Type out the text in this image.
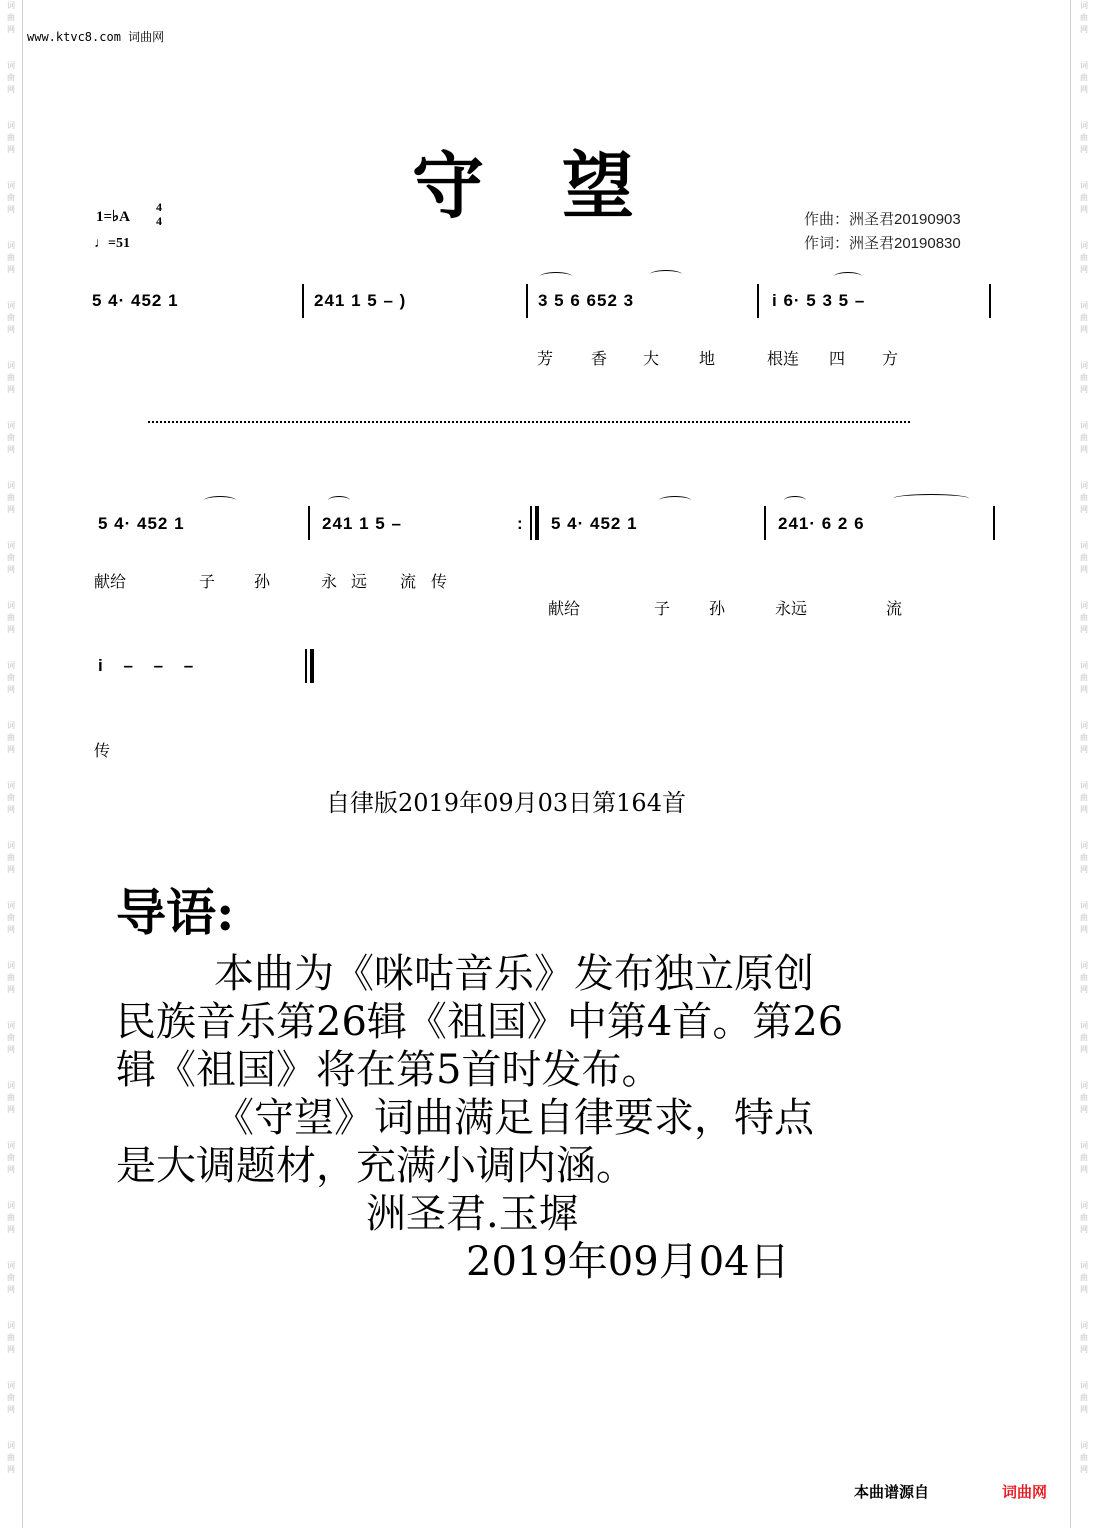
词
曲
网
词
曲
网
词
曲
网
词
曲
网
词
曲
网
词
曲
网
词
曲
网
词
曲
网
词
曲
网
词
曲
网
词
曲
网
词
曲
网
词
曲
网
词
曲
网
词
曲
网
词
曲
网
词
曲
网
词
曲
网
词
曲
网
词
曲
网
词
曲
网
词
曲
网
词
曲
网
词
曲
网
词
曲
网
词
曲
网
词
曲
网
词
曲
网
词
曲
网
词
曲
网
词
曲
网
词
曲
网
词
曲
网
词
曲
网
词
曲
网
词
曲
网
词
曲
网
词
曲
网
词
曲
网
词
曲
网
词
曲
网
词
曲
网
词
曲
网
词
曲
网
词
曲
网
词
曲
网
词
曲
网
词
曲
网
词
曲
网
词
曲
网
www.ktvc8.com 词曲网
守望
1=♭A
4
4
♩=51
作曲：洲圣君20190903
作词：洲圣君20190830
5 4· 452 1	241 1 5 – )	3 5 6 652 3	i 6· 5 3 5 –
芳 香 大 地	根连 四 方
5 4· 452 1	241 1 5 –	: 5 4· 452 1	241· 6 2 6
献给	子 孙	永 远 流 传
献给	子 孙	永远	流
i – – –
传
自律版2019年09月03日第164首
导语:
本曲为《咪咕音乐》发布独立原创
民族音乐第26辑《祖国》中第4首。第26
辑《祖国》将在第5首时发布。
《守望》词曲满足自律要求，特点
是大调题材，充满小调内涵。
洲圣君.玉墀
2019年09月04日
本曲谱源自	词曲网
